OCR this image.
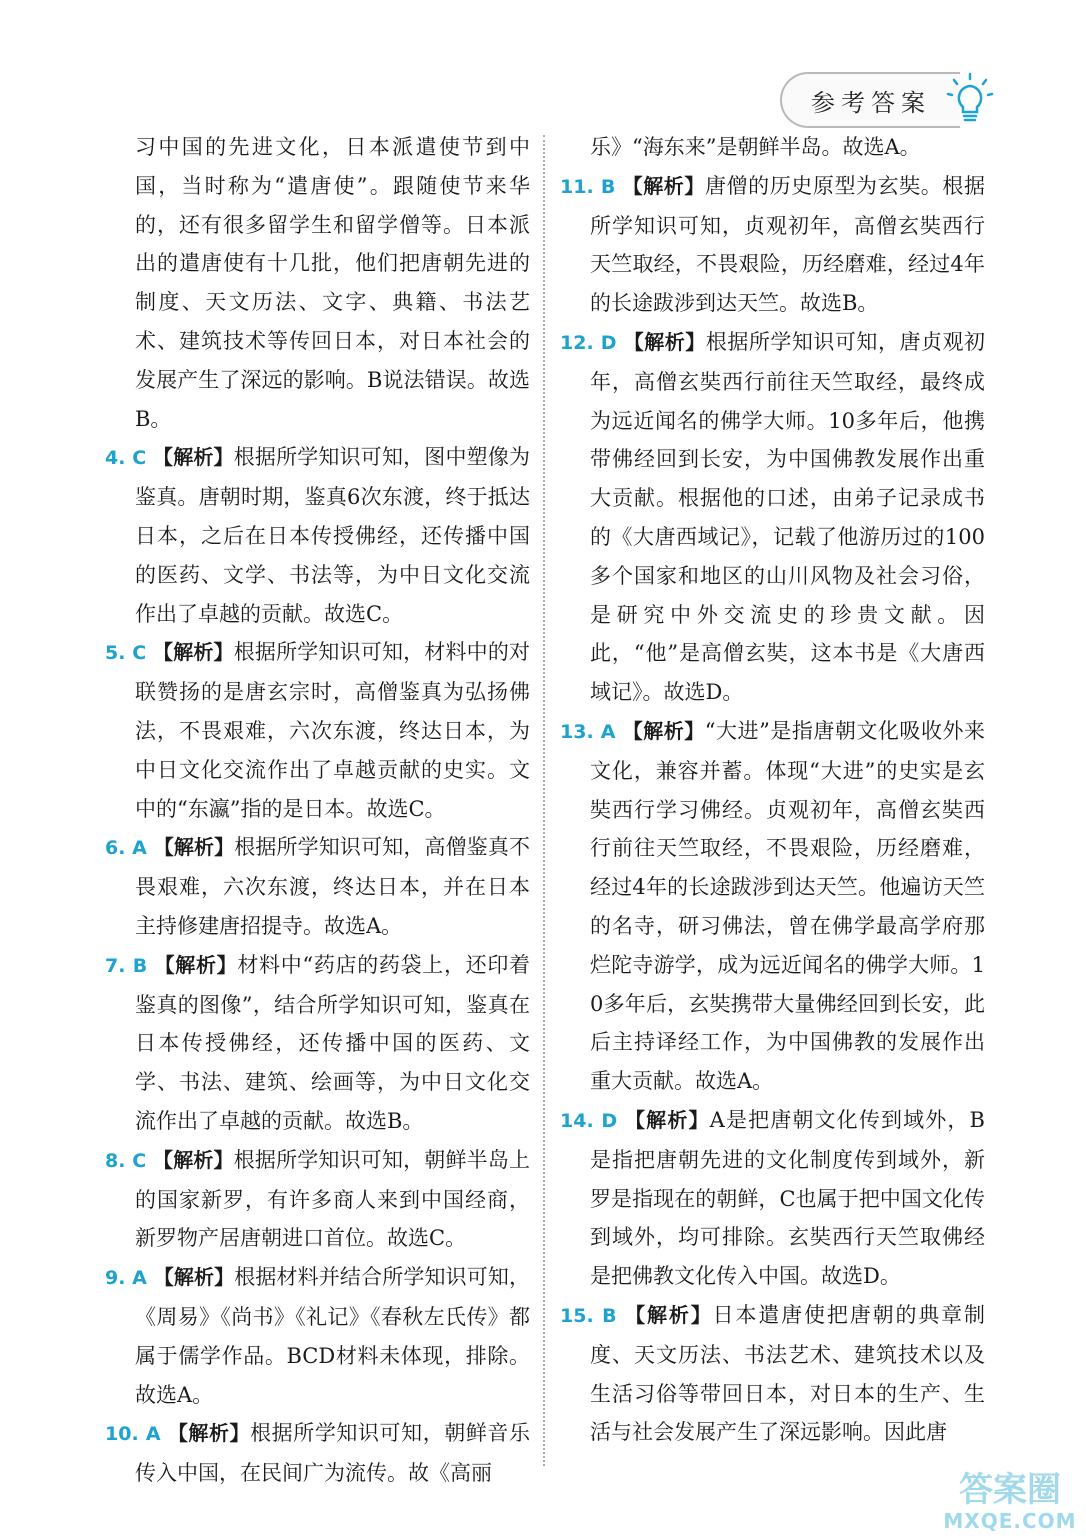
参考答案
习中国的先进文化，日本派遣使节到中国，当时称为“遣唐使”。跟随使节来华的，还有很多留学生和留学僧等。日本派出的遣唐使有十几批，他们把唐朝先进的制度、天文历法、文字、典籍、书法艺术、建筑技术等传回日本，对日本社会的发展产生了深远的影响。B说法错误。故选B。
4. C 【解析】根据所学知识可知，图中塑像为鉴真。唐朝时期，鉴真6次东渡，终于抵达日本，之后在日本传授佛经，还传播中国的医药、文学、书法等，为中日文化交流作出了卓越的贡献。故选C。
5. C 【解析】根据所学知识可知，材料中的对联赞扬的是唐玄宗时，高僧鉴真为弘扬佛法，不畏艰难，六次东渡，终达日本，为中日文化交流作出了卓越贡献的史实。文中的“东瀛”指的是日本。故选C。
6. A 【解析】根据所学知识可知，高僧鉴真不畏艰难，六次东渡，终达日本，并在日本主持修建唐招提寺。故选A。
7. B 【解析】材料中“药店的药袋上，还印着鉴真的图像”，结合所学知识可知，鉴真在日本传授佛经，还传播中国的医药、文学、书法、建筑、绘画等，为中日文化交流作出了卓越的贡献。故选B。
8. C 【解析】根据所学知识可知，朝鲜半岛上的国家新罗，有许多商人来到中国经商，新罗物产居唐朝进口首位。故选C。
9. A 【解析】根据材料并结合所学知识可知，《周易》《尚书》《礼记》《春秋左氏传》都属于儒学作品。BCD材料未体现，排除。故选A。
10. A 【解析】根据所学知识可知，朝鲜音乐传入中国，在民间广为流传。故《高丽
乐》“海东来”是朝鲜半岛。故选A。
11. B 【解析】唐僧的历史原型为玄奘。根据所学知识可知，贞观初年，高僧玄奘西行天竺取经，不畏艰险，历经磨难，经过4年的长途跋涉到达天竺。故选B。
12. D 【解析】根据所学知识可知，唐贞观初年，高僧玄奘西行前往天竺取经，最终成为远近闻名的佛学大师。10多年后，他携带佛经回到长安，为中国佛教发展作出重大贡献。根据他的口述，由弟子记录成书的《大唐西域记》，记载了他游历过的100多个国家和地区的山川风物及社会习俗，是研究中外交流史的珍贵文献。因此，“他”是高僧玄奘，这本书是《大唐西域记》。故选D。
13. A 【解析】“大进”是指唐朝文化吸收外来文化，兼容并蓄。体现“大进”的史实是玄奘西行学习佛经。贞观初年，高僧玄奘西行前往天竺取经，不畏艰险，历经磨难，经过4年的长途跋涉到达天竺。他遍访天竺的名寺，研习佛法，曾在佛学最高学府那烂陀寺游学，成为远近闻名的佛学大师。10多年后，玄奘携带大量佛经回到长安，此后主持译经工作，为中国佛教的发展作出重大贡献。故选A。
14. D 【解析】A是把唐朝文化传到域外，B是指把唐朝先进的文化制度传到域外，新罗是指现在的朝鲜，C也属于把中国文化传到域外，均可排除。玄奘西行天竺取佛经是把佛教文化传入中国。故选D。
15. B 【解析】日本遣唐使把唐朝的典章制度、天文历法、书法艺术、建筑技术以及生活习俗等带回日本，对日本的生产、生活与社会发展产生了深远影响。因此唐
答案圈
MXQE.COM
